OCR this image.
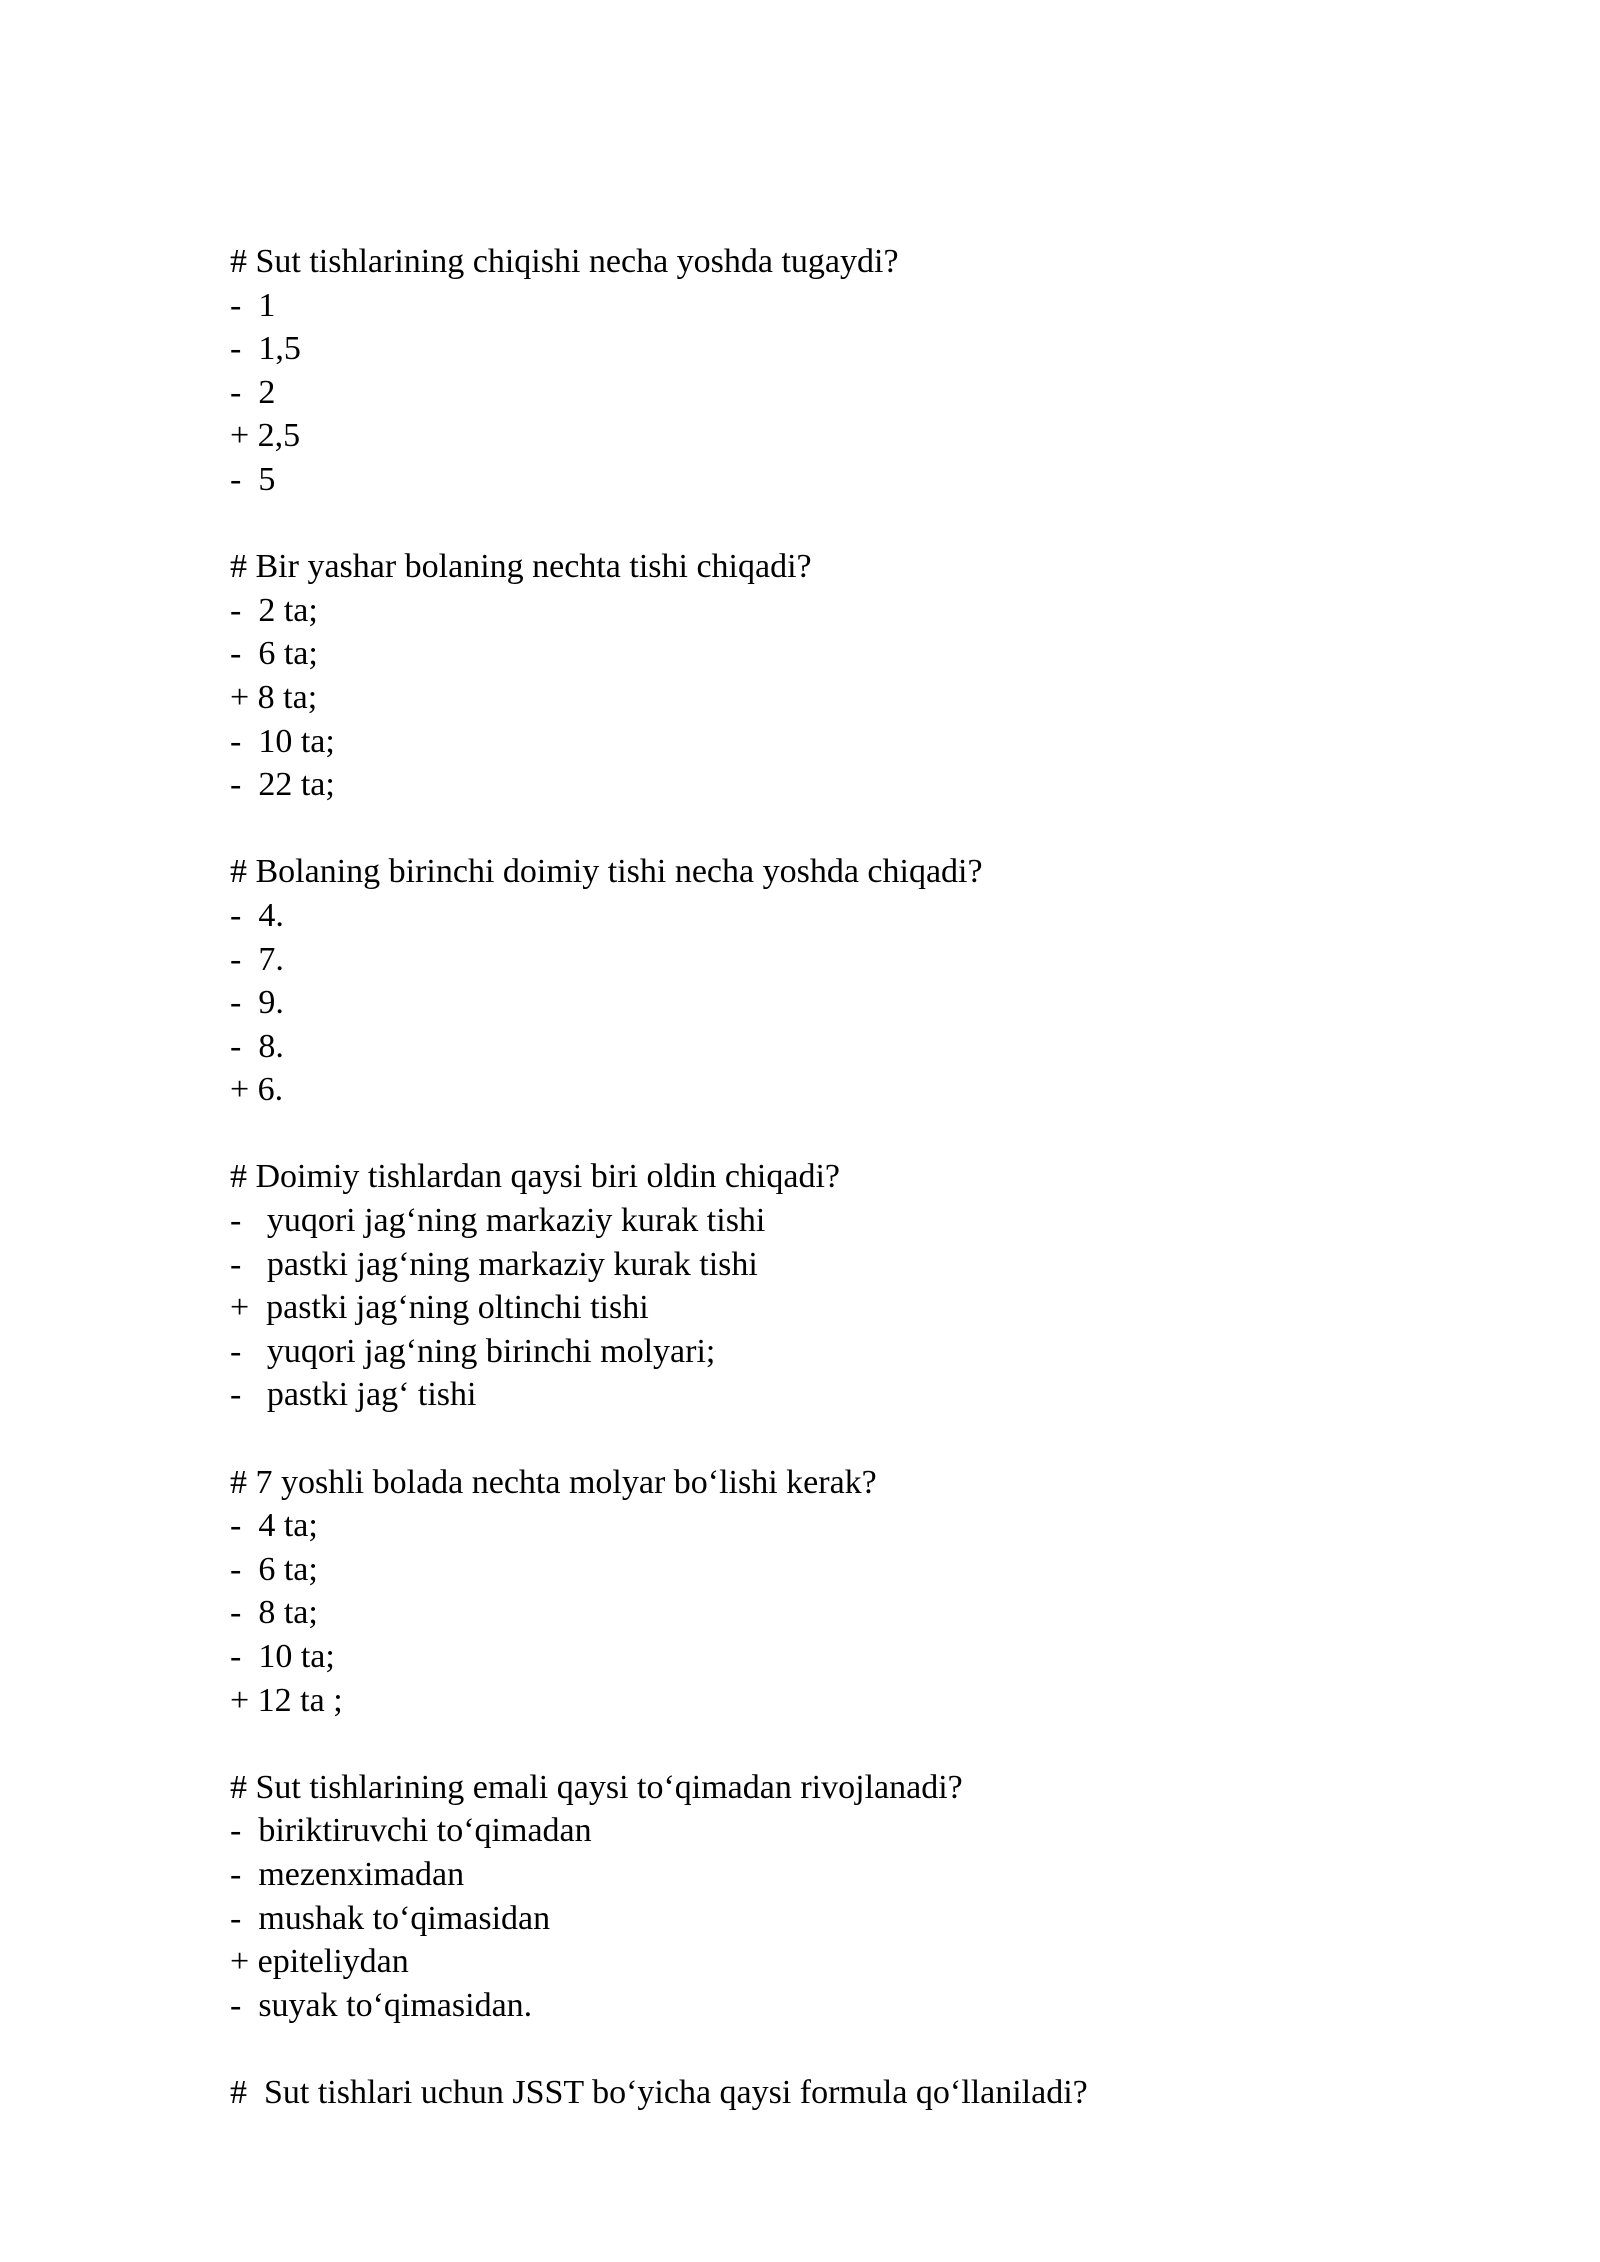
# Sut tishlarining chiqishi necha yoshda tugaydi?
-  1
-  1,5
-  2
+ 2,5
-  5
# Bir yashar bolaning nechta tishi chiqadi?
-  2 ta;
-  6 ta;
+ 8 ta;
-  10 ta;
-  22 ta;
# Bolaning birinchi doimiy tishi necha yoshda chiqadi?
-  4.
-  7.
-  9.
-  8.
+ 6.
# Doimiy tishlardan qaysi biri oldin chiqadi?
-   yuqori jag‘ning markaziy kurak tishi
-   pastki jag‘ning markaziy kurak tishi
+  pastki jag‘ning oltinchi tishi
-   yuqori jag‘ning birinchi molyari;
-   pastki jag‘ tishi
# 7 yoshli bolada nechta molyar bo‘lishi kerak?
-  4 ta;
-  6 ta;
-  8 ta;
-  10 ta;
+ 12 ta ;
# Sut tishlarining emali qaysi to‘qimadan rivojlanadi?
-  biriktiruvchi to‘qimadan
-  mezenximadan
-  mushak to‘qimasidan
+ epiteliydan
-  suyak to‘qimasidan.
#  Sut tishlari uchun JSST bo‘yicha qaysi formula qo‘llaniladi?
